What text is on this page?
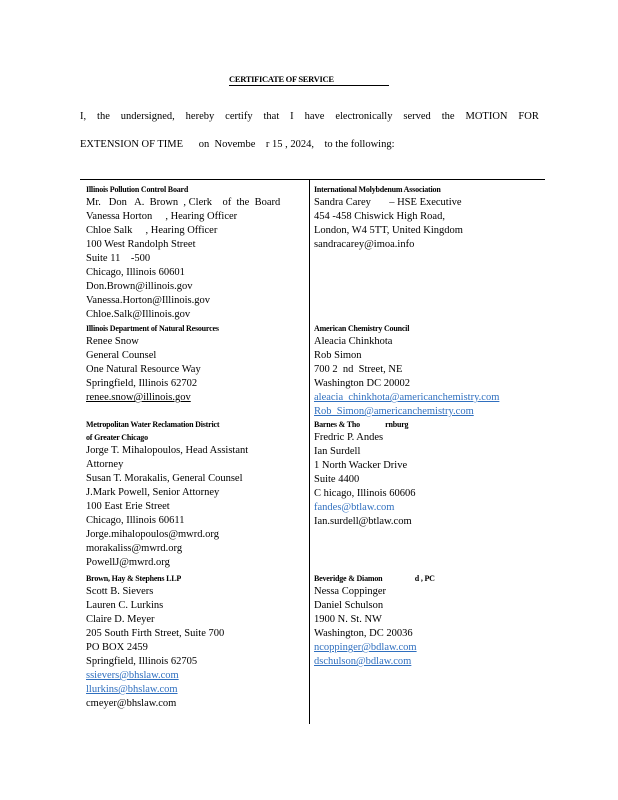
CERTIFICATE OF SERVICE
I, the undersigned, hereby certify that I have electronically served the MOTION FOR
EXTENSION OF TIME      on  Novembe    r 15 , 2024,    to the following:
Illinois Pollution Control Board
Mr.   Don   A.  Brown  , Clerk    of  the  Board
Vanessa Horton     , Hearing Officer
Chloe Salk     , Hearing Officer
100 West Randolph Street
Suite 11    -500
Chicago, Illinois 60601
Don.Brown@illinois.gov
Vanessa.Horton@Illinois.gov
Chloe.Salk@Illinois.gov
International Molybdenum Association
Sandra Carey       – HSE Executive
454 -458 Chiswick High Road,
London, W4 5TT, United Kingdom
sandracarey@imoa.info
Illinois Department of Natural Resources
Renee Snow
General Counsel
One Natural Resource Way
Springfield, Illinois 62702
renee.snow@illinois.gov
American Chemistry Council
Aleacia Chinkhota
Rob Simon
700 2  nd  Street, NE
Washington DC 20002
aleacia_chinkhota@americanchemistry.com
Rob_Simon@americanchemistry.com
Metropolitan Water Reclamation District
of Greater Chicago
Jorge T. Mihalopoulos, Head Assistant
Attorney
Susan T. Morakalis, General Counsel
J.Mark Powell, Senior Attorney
100 East Erie Street
Chicago, Illinois 60611
Jorge.mihalopoulos@mwrd.org
morakaliss@mwrd.org
PowellJ@mwrd.org
Barnes & Tho              rnburg
Fredric P. Andes
Ian Surdell
1 North Wacker Drive
Suite 4400
C hicago, Illinois 60606
fandes@btlaw.com
Ian.surdell@btlaw.com
Brown, Hay & Stephens LLP
Scott B. Sievers
Lauren C. Lurkins
Claire D. Meyer
205 South Firth Street, Suite 700
PO BOX 2459
Springfield, Illinois 62705
ssievers@bhslaw.com
llurkins@bhslaw.com
cmeyer@bhslaw.com
Beveridge & Diamon                  d , PC
Nessa Coppinger
Daniel Schulson
1900 N. St. NW
Washington, DC 20036
ncoppinger@bdlaw.com
dschulson@bdlaw.com
